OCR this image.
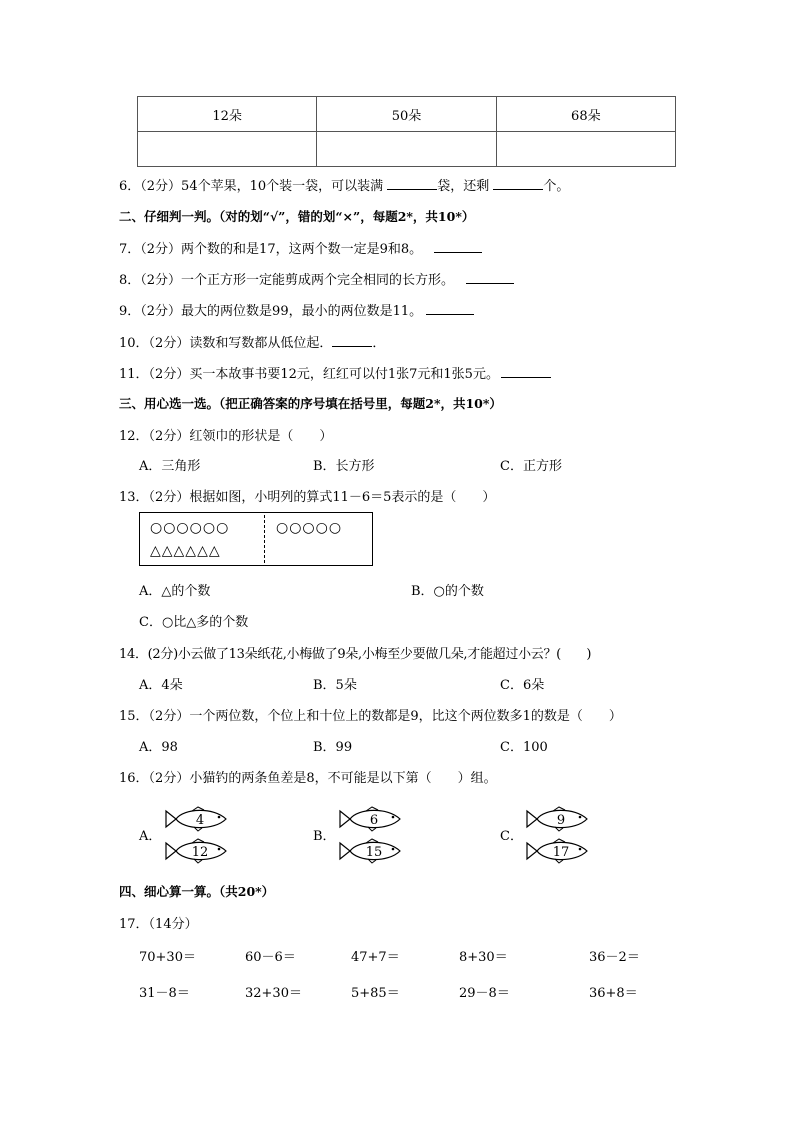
12朵	50朵	68朵

6．（2分）54个苹果，10个装一袋，可以装满	袋，还剩	个。
二、仔细判一判。（对的划“√”，错的划“×”，每题2*，共10*）
7．（2分）两个数的和是17，这两个数一定是9和8。
8．（2分）一个正方形一定能剪成两个完全相同的长方形。
9．（2分）最大的两位数是99，最小的两位数是11。
10．（2分）读数和写数都从低位起．	．
11．（2分）买一本故事书要12元，红红可以付1张7元和1张5元。
三、用心选一选。（把正确答案的序号填在括号里，每题2*，共10*）
12．（2分）红领巾的形状是（　　）
A．三角形	B．长方形	C．正方形
13．（2分）根据如图，小明列的算式11－6＝5表示的是（　　）
○○○○○○
△△△△△△
○○○○○
A．△的个数	B．○的个数
C．○比△多的个数
14．(2分)小云做了13朵纸花,小梅做了9朵,小梅至少要做几朵,才能超过小云？(　　)
A．4朵	B．5朵	C．6朵
15．（2分）一个两位数，个位上和十位上的数都是9，比这个两位数多1的数是（　　）
A．98	B．99	C．100
16．（2分）小猫钓的两条鱼差是8，不可能是以下第（　　）组。
A．
4
12
B．
6
15
C．
9
17
四、细心算一算。（共20*）
17．（14分）
70+30＝	60－6＝	47+7＝	8+30＝	36－2＝
31－8＝	32+30＝	5+85＝	29－8＝	36+8＝
